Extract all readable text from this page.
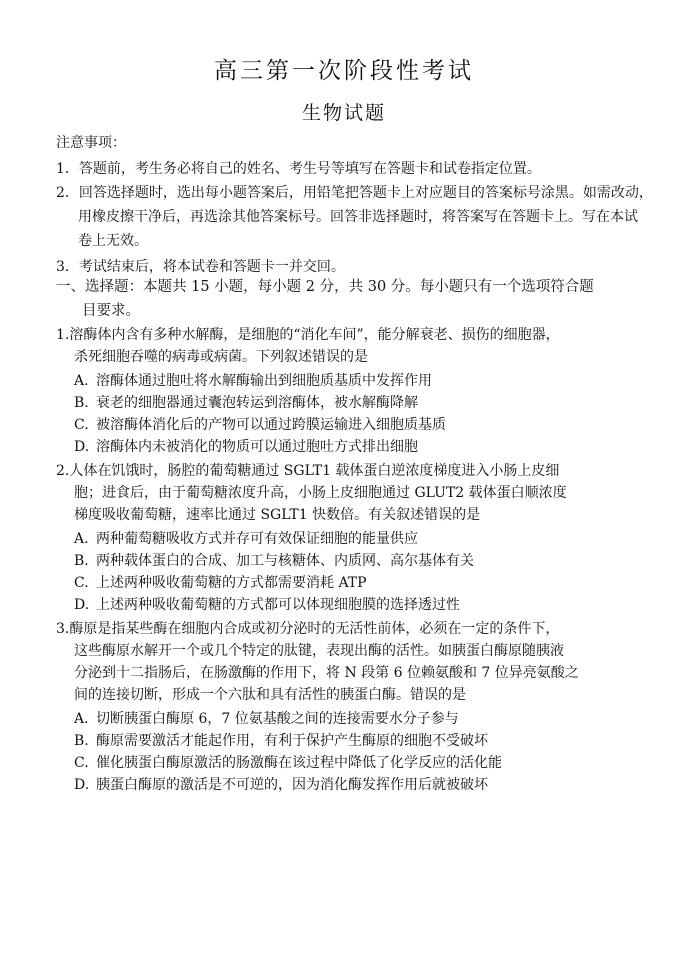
高三第一次阶段性考试
生物试题
注意事项：
1．答题前，考生务必将自己的姓名、考生号等填写在答题卡和试卷指定位置。
2．回答选择题时，选出每小题答案后，用铅笔把答题卡上对应题目的答案标号涂黑。如需改动，
用橡皮擦干净后，再选涂其他答案标号。回答非选择题时，将答案写在答题卡上。写在本试
卷上无效。
3．考试结束后，将本试卷和答题卡一并交回。
一、选择题：本题共 15 小题，每小题 2 分，共 30 分。每小题只有一个选项符合题
目要求。
1.溶酶体内含有多种水解酶，是细胞的“消化车间”，能分解衰老、损伤的细胞器，
杀死细胞吞噬的病毒或病菌。下列叙述错误的是
A. 溶酶体通过胞吐将水解酶输出到细胞质基质中发挥作用
B. 衰老的细胞器通过囊泡转运到溶酶体，被水解酶降解
C. 被溶酶体消化后的产物可以通过跨膜运输进入细胞质基质
D. 溶酶体内未被消化的物质可以通过胞吐方式排出细胞
2.人体在饥饿时，肠腔的葡萄糖通过 SGLT1 载体蛋白逆浓度梯度进入小肠上皮细
胞；进食后，由于葡萄糖浓度升高，小肠上皮细胞通过 GLUT2 载体蛋白顺浓度
梯度吸收葡萄糖，速率比通过 SGLT1 快数倍。有关叙述错误的是
A. 两种葡萄糖吸收方式并存可有效保证细胞的能量供应
B. 两种载体蛋白的合成、加工与核糖体、内质网、高尔基体有关
C. 上述两种吸收葡萄糖的方式都需要消耗 ATP
D. 上述两种吸收葡萄糖的方式都可以体现细胞膜的选择透过性
3.酶原是指某些酶在细胞内合成或初分泌时的无活性前体，必须在一定的条件下，
这些酶原水解开一个或几个特定的肽键，表现出酶的活性。如胰蛋白酶原随胰液
分泌到十二指肠后，在肠激酶的作用下，将 N 段第 6 位赖氨酸和 7 位异亮氨酸之
间的连接切断，形成一个六肽和具有活性的胰蛋白酶。错误的是
A. 切断胰蛋白酶原 6，7 位氨基酸之间的连接需要水分子参与
B. 酶原需要激活才能起作用，有利于保护产生酶原的细胞不受破坏
C. 催化胰蛋白酶原激活的肠激酶在该过程中降低了化学反应的活化能
D. 胰蛋白酶原的激活是不可逆的，因为消化酶发挥作用后就被破坏
